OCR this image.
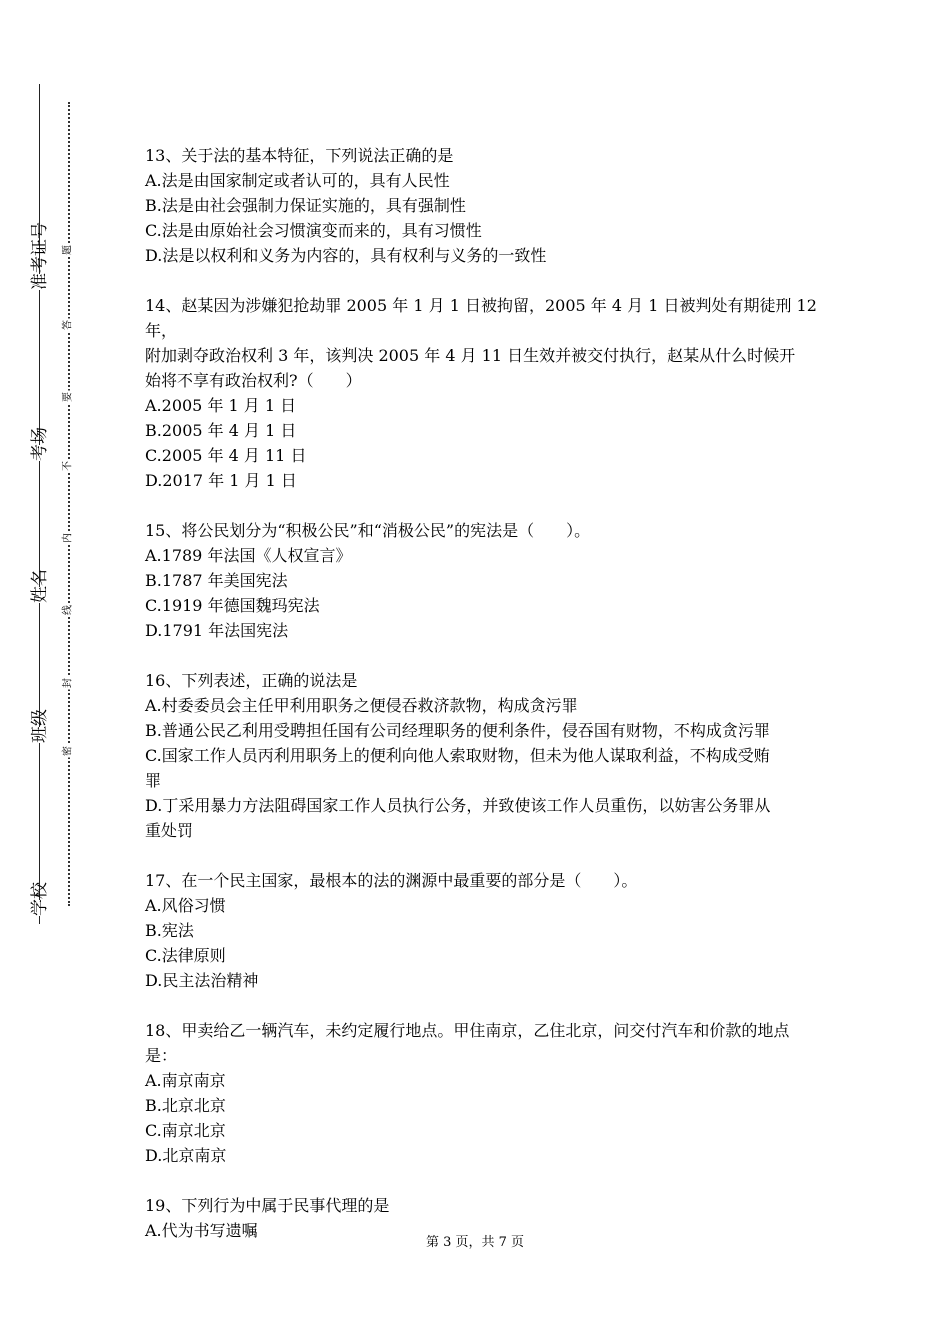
准考证号
考场
姓名
班级
学校
题
答
要
不
内
线
封
密

13、关于法的基本特征，下列说法正确的是

A.法是由国家制定或者认可的，具有人民性

B.法是由社会强制力保证实施的，具有强制性

C.法是由原始社会习惯演变而来的，具有习惯性

D.法是以权利和义务为内容的，具有权利与义务的一致性

14、赵某因为涉嫌犯抢劫罪 2005 年 1 月 1 日被拘留，2005 年 4 月 1 日被判处有期徒刑 12 年，

附加剥夺政治权利 3 年，该判决 2005 年 4 月 11 日生效并被交付执行，赵某从什么时候开

始将不享有政治权利?（　　）

A.2005 年 1 月 1 日

B.2005 年 4 月 1 日

C.2005 年 4 月 11 日

D.2017 年 1 月 1 日

15、将公民划分为“积极公民”和“消极公民”的宪法是（　　）。

A.1789 年法国《人权宣言》

B.1787 年美国宪法

C.1919 年德国魏玛宪法

D.1791 年法国宪法

16、下列表述，正确的说法是

A.村委委员会主任甲利用职务之便侵吞救济款物，构成贪污罪

B.普通公民乙利用受聘担任国有公司经理职务的便利条件，侵吞国有财物，不构成贪污罪

C.国家工作人员丙利用职务上的便利向他人索取财物，但未为他人谋取利益，不构成受贿

罪

D.丁采用暴力方法阻碍国家工作人员执行公务，并致使该工作人员重伤，以妨害公务罪从

重处罚

17、在一个民主国家，最根本的法的渊源中最重要的部分是（　　）。

A.风俗习惯

B.宪法

C.法律原则

D.民主法治精神

18、甲卖给乙一辆汽车，未约定履行地点。甲住南京，乙住北京，问交付汽车和价款的地点

是：

A.南京南京

B.北京北京

C.南京北京

D.北京南京

19、下列行为中属于民事代理的是

A.代为书写遗嘱

第 3 页，共 7 页
